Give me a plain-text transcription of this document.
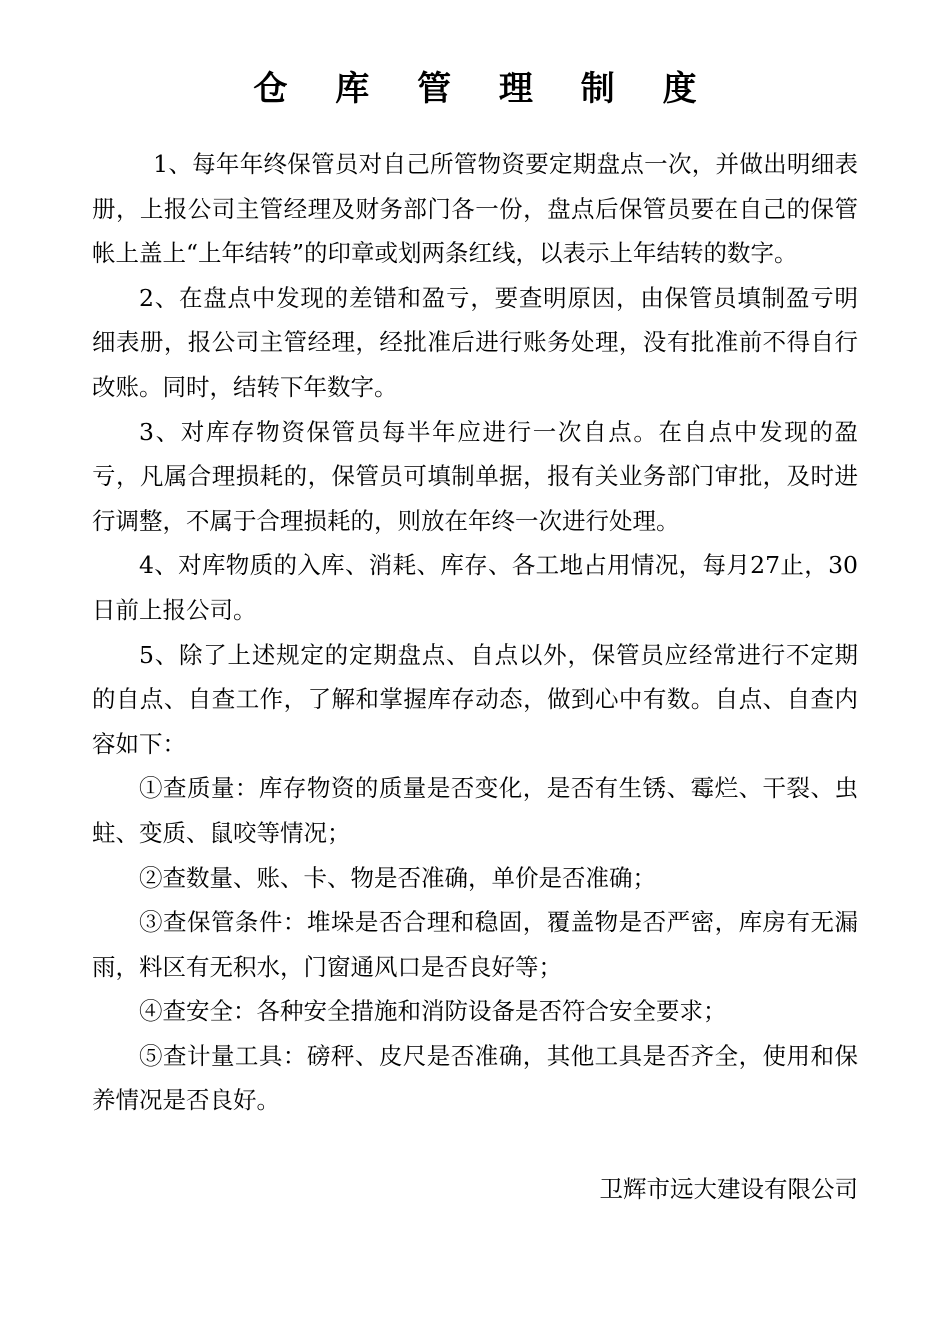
仓 库 管 理 制 度

1、每年年终保管员对自己所管物资要定期盘点一次，并做出明细表册，上报公司主管经理及财务部门各一份，盘点后保管员要在自己的保管帐上盖上“上年结转”的印章或划两条红线，以表示上年结转的数字。

2、在盘点中发现的差错和盈亏，要查明原因，由保管员填制盈亏明细表册，报公司主管经理，经批准后进行账务处理，没有批准前不得自行改账。同时，结转下年数字。

3、对库存物资保管员每半年应进行一次自点。在自点中发现的盈亏，凡属合理损耗的，保管员可填制单据，报有关业务部门审批，及时进行调整，不属于合理损耗的，则放在年终一次进行处理。

4、对库物质的入库、消耗、库存、各工地占用情况，每月27止，30日前上报公司。

5、除了上述规定的定期盘点、自点以外，保管员应经常进行不定期的自点、自查工作，了解和掌握库存动态，做到心中有数。自点、自查内容如下：

①查质量：库存物资的质量是否变化，是否有生锈、霉烂、干裂、虫蛀、变质、鼠咬等情况；

②查数量、账、卡、物是否准确，单价是否准确；

③查保管条件：堆垛是否合理和稳固，覆盖物是否严密，库房有无漏雨，料区有无积水，门窗通风口是否良好等；

④查安全：各种安全措施和消防设备是否符合安全要求；

⑤查计量工具：磅秤、皮尺是否准确，其他工具是否齐全，使用和保养情况是否良好。

卫辉市远大建设有限公司
